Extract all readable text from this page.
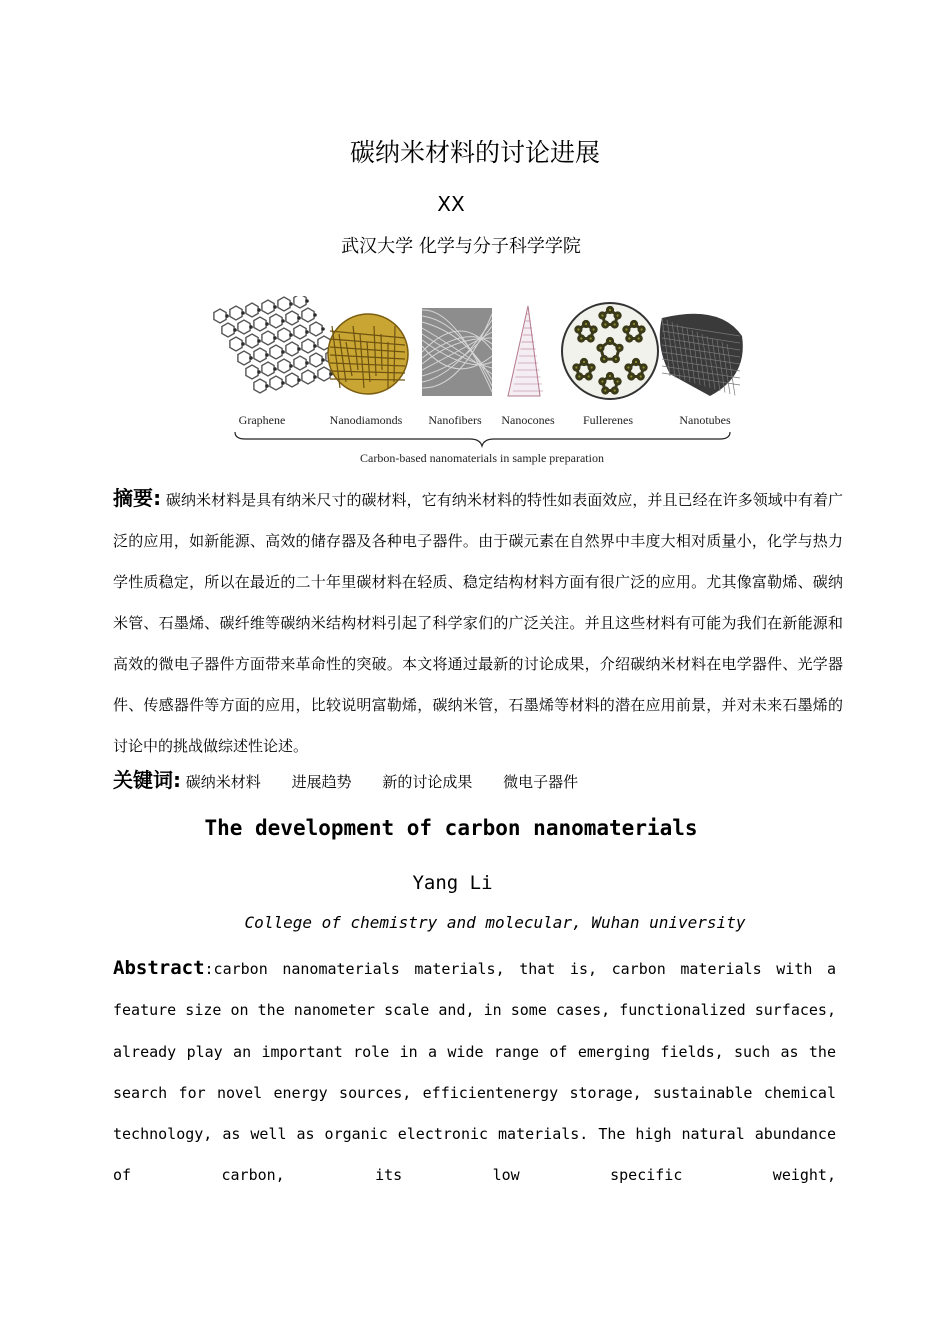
碳纳米材料的讨论进展
XX
武汉大学 化学与分子科学学院
Graphene	Nanodiamonds Nanofibers Nanocones Fullerenes	Nanotubes
Carbon-based nanomaterials in sample preparation
摘要: 碳纳米材料是具有纳米尺寸的碳材料，它有纳米材料的特性如表面效应，并且已经在许多领域中有着广泛的应用，如新能源、高效的储存器及各种电子器件。由于碳元素在自然界中丰度大相对质量小，化学与热力学性质稳定，所以在最近的二十年里碳材料在轻质、稳定结构材料方面有很广泛的应用。尤其像富勒烯、碳纳米管、石墨烯、碳纤维等碳纳米结构材料引起了科学家们的广泛关注。并且这些材料有可能为我们在新能源和高效的微电子器件方面带来革命性的突破。本文将通过最新的讨论成果，介绍碳纳米材料在电学器件、光学器件、传感器件等方面的应用，比较说明富勒烯，碳纳米管，石墨烯等材料的潜在应用前景，并对未来石墨烯的讨论中的挑战做综述性论述。
关键词: 碳纳米材料 进展趋势 新的讨论成果 微电子器件
The development of carbon nanomaterials
Yang Li
College of chemistry and molecular, Wuhan university
Abstract:carbon nanomaterials materials, that is, carbon materials with a feature size on the nanometer scale and, in some cases, functionalized surfaces, already play an important role in a wide range of emerging fields, such as the search for novel energy sources, efficientenergy storage, sustainable chemical technology, as well as organic electronic materials. The high natural abundance of carbon, its low specific weight,
